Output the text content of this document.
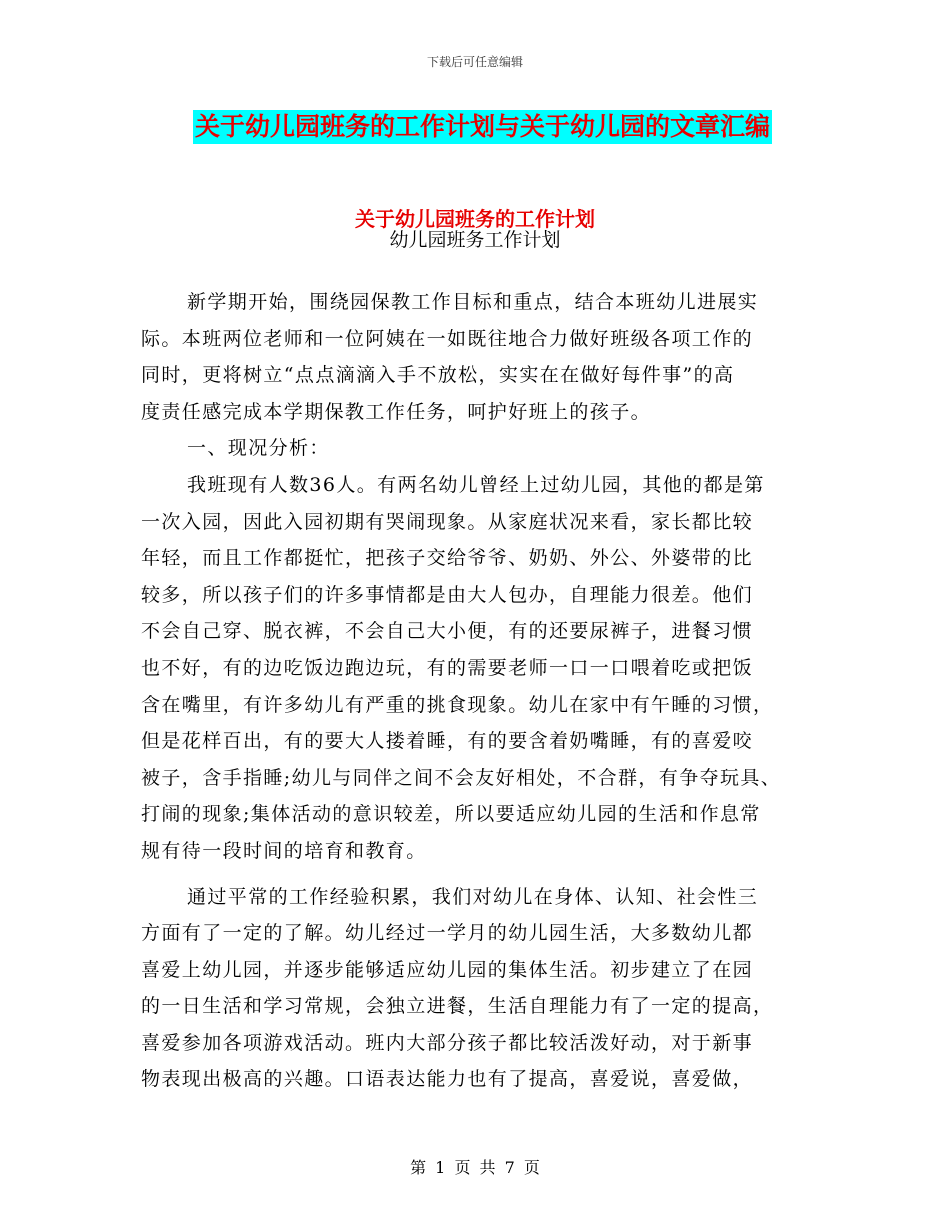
下载后可任意编辑
关于幼儿园班务的工作计划与关于幼儿园的文章汇编
关于幼儿园班务的工作计划
幼儿园班务工作计划
新学期开始，围绕园保教工作目标和重点，结合本班幼儿进展实
际。本班两位老师和一位阿姨在一如既往地合力做好班级各项工作的
同时，更将树立“点点滴滴入手不放松，实实在在做好每件事”的高
度责任感完成本学期保教工作任务，呵护好班上的孩子。
一、现况分析：
我班现有人数36人。有两名幼儿曾经上过幼儿园，其他的都是第
一次入园，因此入园初期有哭闹现象。从家庭状况来看，家长都比较
年轻，而且工作都挺忙，把孩子交给爷爷、奶奶、外公、外婆带的比
较多，所以孩子们的许多事情都是由大人包办，自理能力很差。他们
不会自己穿、脱衣裤，不会自己大小便，有的还要尿裤子，进餐习惯
也不好，有的边吃饭边跑边玩，有的需要老师一口一口喂着吃或把饭
含在嘴里，有许多幼儿有严重的挑食现象。幼儿在家中有午睡的习惯，
但是花样百出，有的要大人搂着睡，有的要含着奶嘴睡，有的喜爱咬
被子，含手指睡;幼儿与同伴之间不会友好相处，不合群，有争夺玩具、
打闹的现象;集体活动的意识较差，所以要适应幼儿园的生活和作息常
规有待一段时间的培育和教育。
通过平常的工作经验积累，我们对幼儿在身体、认知、社会性三
方面有了一定的了解。幼儿经过一学月的幼儿园生活，大多数幼儿都
喜爱上幼儿园，并逐步能够适应幼儿园的集体生活。初步建立了在园
的一日生活和学习常规，会独立进餐，生活自理能力有了一定的提高，
喜爱参加各项游戏活动。班内大部分孩子都比较活泼好动，对于新事
物表现出极高的兴趣。口语表达能力也有了提高，喜爱说，喜爱做，
第 1 页 共 7 页
